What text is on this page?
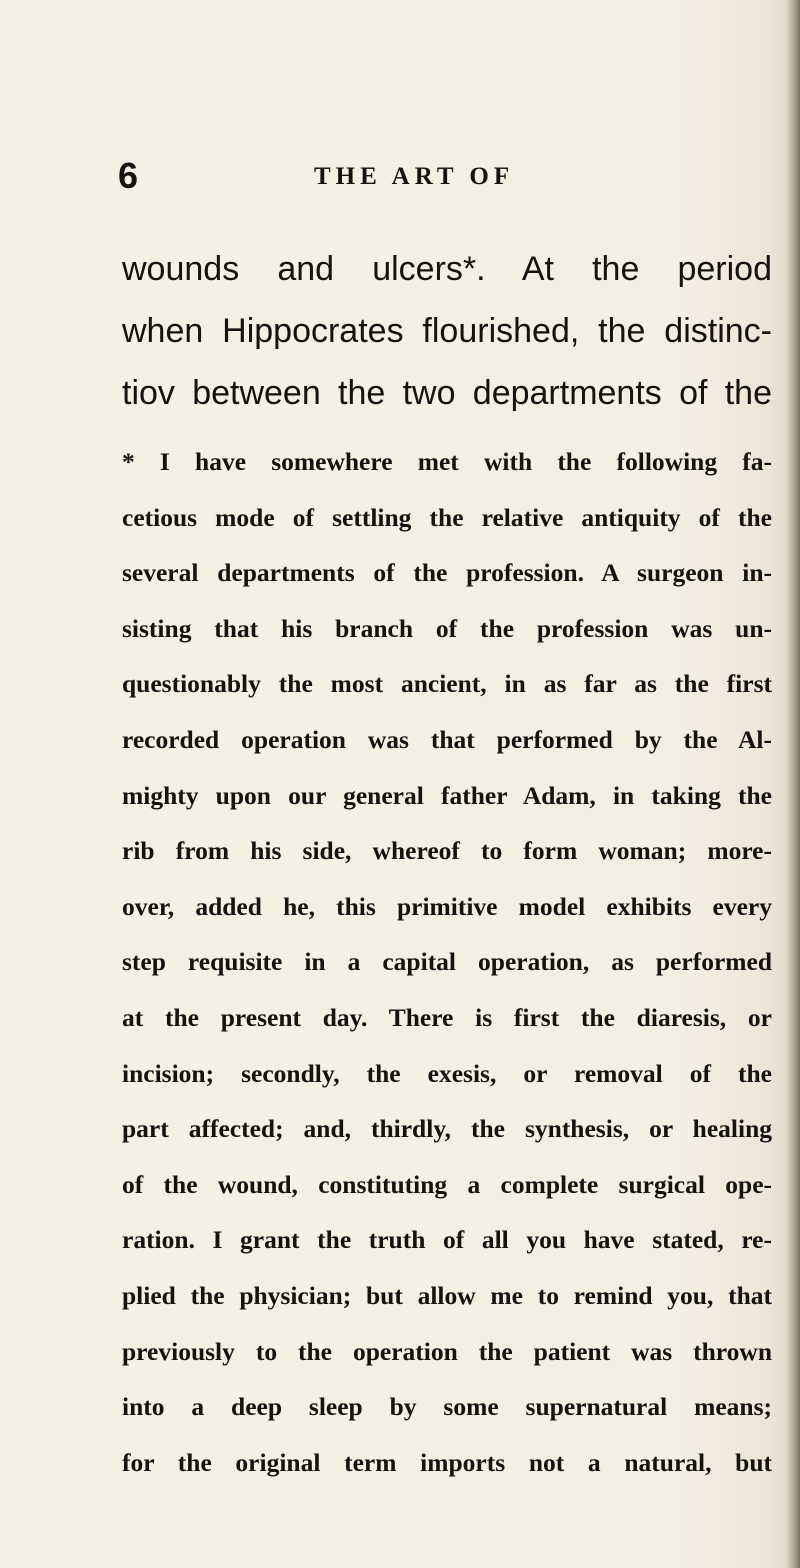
6	THE ART OF
wounds and ulcers*. At the period
when Hippocrates flourished, the distinc-
tiov between the two departments of the
* I have somewhere met with the following fa-
cetious mode of settling the relative antiquity of the
several departments of the profession. A surgeon in-
sisting that his branch of the profession was un-
questionably the most ancient, in as far as the first
recorded operation was that performed by the Al-
mighty upon our general father Adam, in taking the
rib from his side, whereof to form woman; more-
over, added he, this primitive model exhibits every
step requisite in a capital operation, as performed
at the present day. There is first the diaresis, or
incision; secondly, the exesis, or removal of the
part affected; and, thirdly, the synthesis, or healing
of the wound, constituting a complete surgical ope-
ration. I grant the truth of all you have stated, re-
plied the physician; but allow me to remind you, that
previously to the operation the patient was thrown
into a deep sleep by some supernatural means;
for the original term imports not a natural, but
